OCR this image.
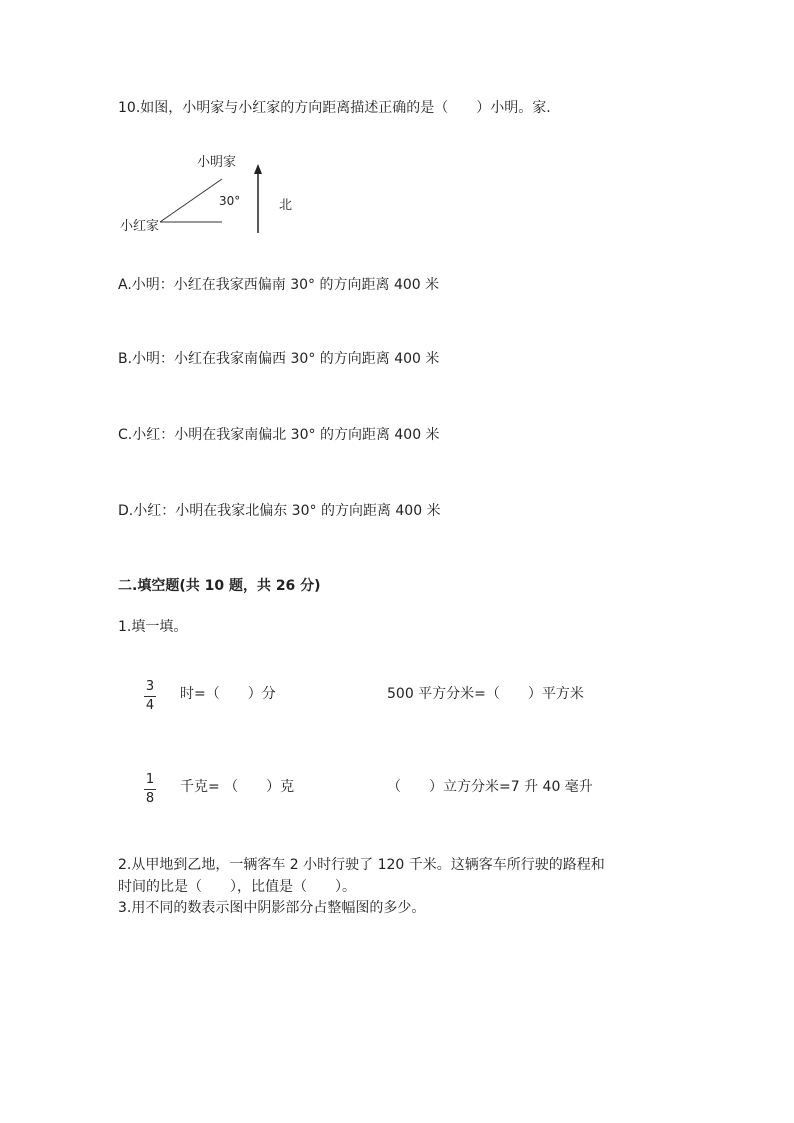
10.如图，小明家与小红家的方向距离描述正确的是（　　）小明。家.
小明家
小红家
30°	北
A.小明：小红在我家西偏南 30° 的方向距离 400 米
B.小明：小红在我家南偏西 30° 的方向距离 400 米
C.小红：小明在我家南偏北 30° 的方向距离 400 米
D.小红：小明在我家北偏东 30° 的方向距离 400 米
二.填空题(共 10 题，共 26 分)
1.填一填。
3
4
时=（　　）分	500 平方分米=（　　）平方米
1
8
千克= （　　）克	（　　）立方分米=7 升 40 毫升
2.从甲地到乙地，一辆客车 2 小时行驶了 120 千米。这辆客车所行驶的路程和
时间的比是（　　），比值是（　　）。
3.用不同的数表示图中阴影部分占整幅图的多少。
